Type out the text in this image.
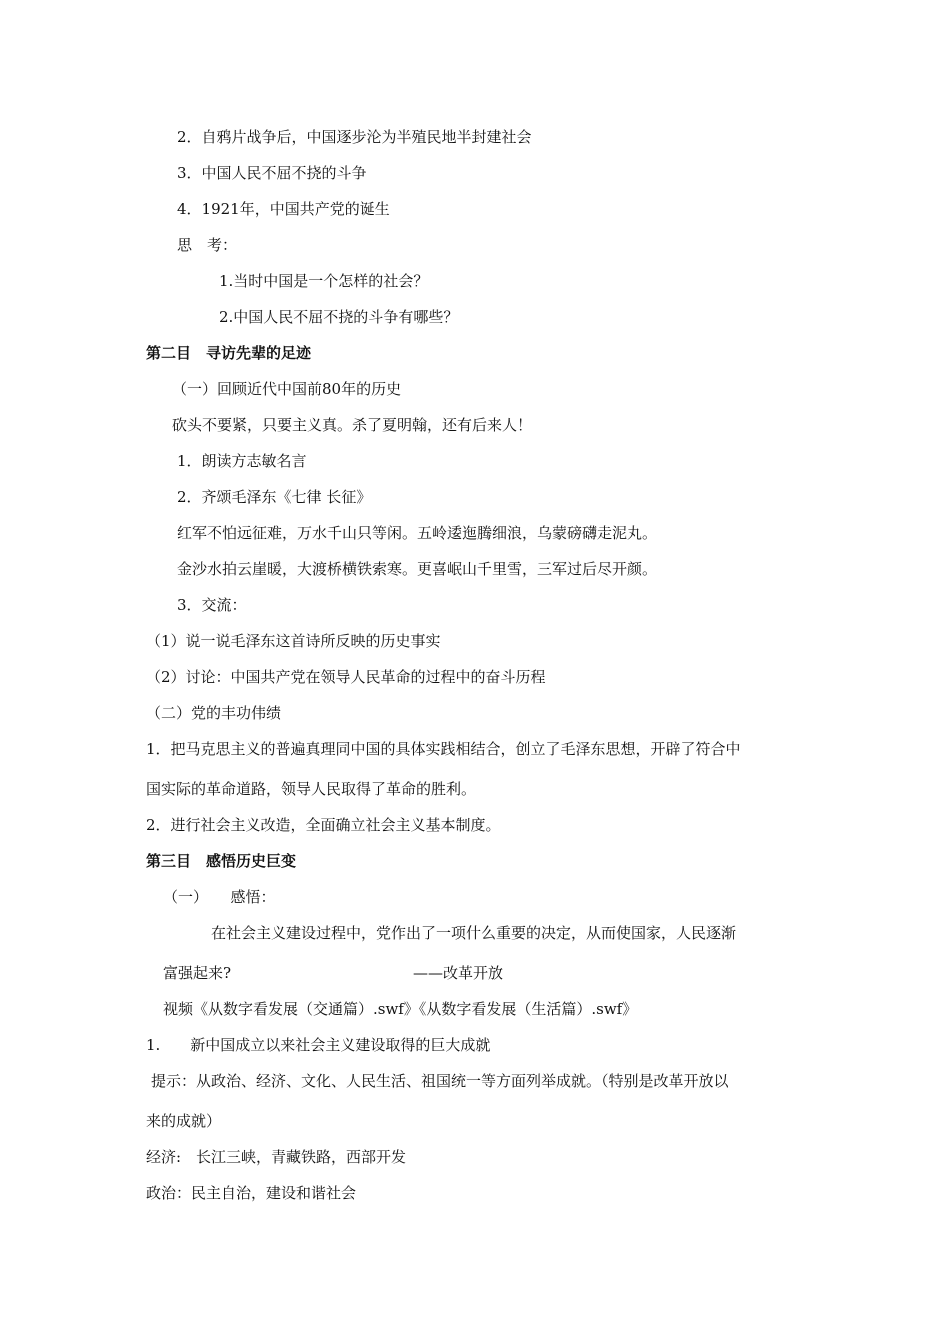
2．自鸦片战争后，中国逐步沦为半殖民地半封建社会
3．中国人民不屈不挠的斗争
4．1921年，中国共产党的诞生
思　考：
1.当时中国是一个怎样的社会？
2.中国人民不屈不挠的斗争有哪些？
第二目　寻访先辈的足迹
（一）回顾近代中国前80年的历史
砍头不要紧，只要主义真。杀了夏明翰，还有后来人！
1．朗读方志敏名言
2．齐颂毛泽东《七律 长征》
红军不怕远征难，万水千山只等闲。五岭逶迤腾细浪，乌蒙磅礴走泥丸。
金沙水拍云崖暖，大渡桥横铁索寒。更喜岷山千里雪，三军过后尽开颜。
3．交流：
（1）说一说毛泽东这首诗所反映的历史事实
（2）讨论：中国共产党在领导人民革命的过程中的奋斗历程
（二）党的丰功伟绩
1．把马克思主义的普遍真理同中国的具体实践相结合，创立了毛泽东思想，开辟了符合中
国实际的革命道路，领导人民取得了革命的胜利。
2．进行社会主义改造，全面确立社会主义基本制度。
第三目　感悟历史巨变
（一）　　感悟：
在社会主义建设过程中，党作出了一项什么重要的决定，从而使国家，人民逐渐
富强起来?	——改革开放
视频《从数字看发展（交通篇）.swf》《从数字看发展（生活篇）.swf》
1.　　新中国成立以来社会主义建设取得的巨大成就
提示：从政治、经济、文化、人民生活、祖国统一等方面列举成就。（特别是改革开放以
来的成就）
经济:　长江三峡，青藏铁路，西部开发
政治：民主自治，建设和谐社会
